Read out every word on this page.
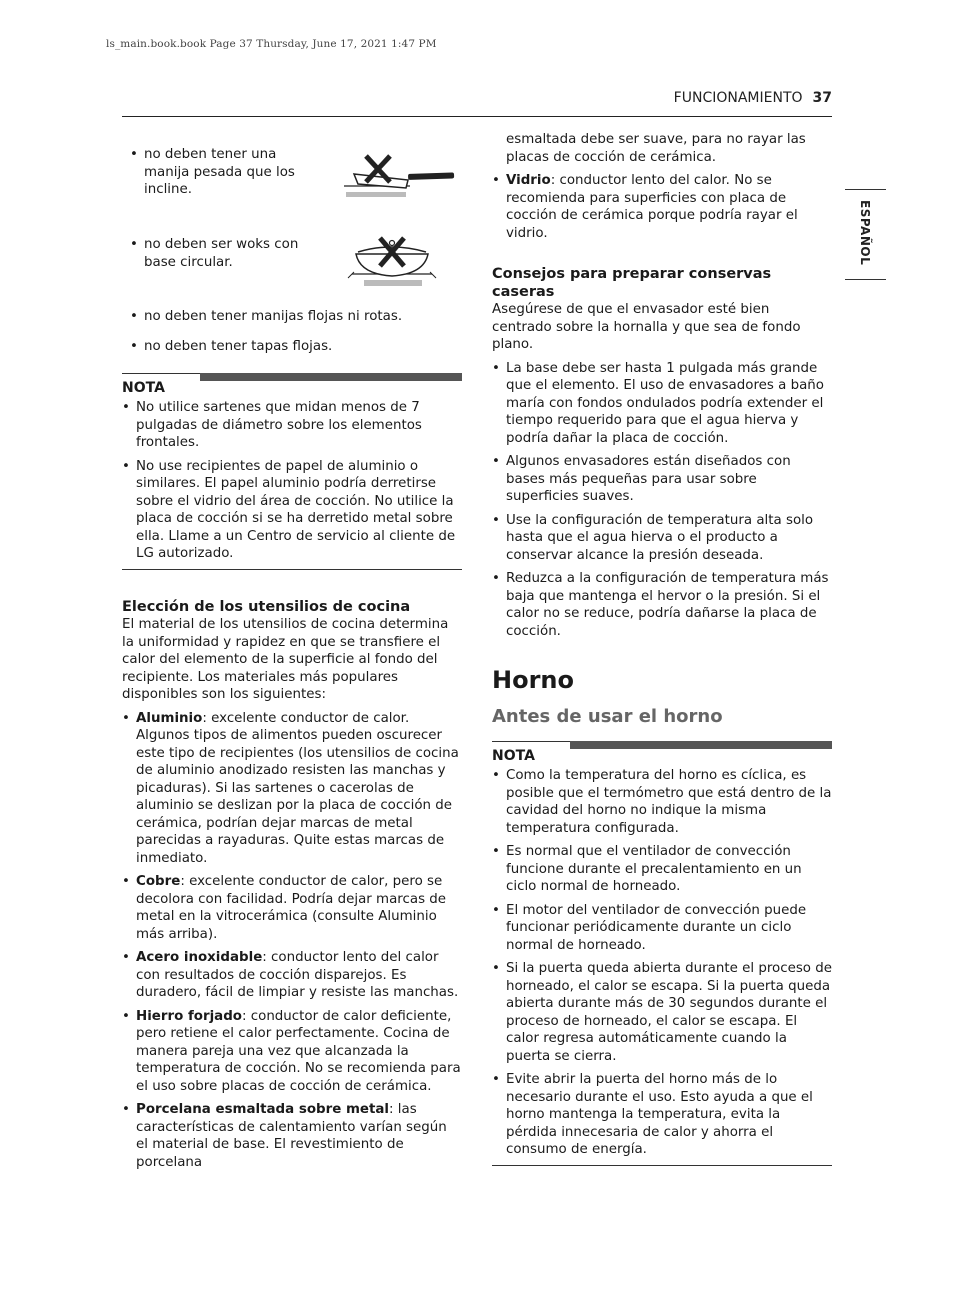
ls_main.book.book Page 37 Thursday, June 17, 2021 1:47 PM
FUNCIONAMIENTO 37
ESPAÑOL
• no deben tener una manija pesada que los incline.
• no deben ser woks con base circular.
• no deben tener manijas flojas ni rotas.
• no deben tener tapas flojas.
NOTA
• No utilice sartenes que midan menos de 7 pulgadas de diámetro sobre los elementos frontales.
• No use recipientes de papel de aluminio o similares. El papel aluminio podría derretirse sobre el vidrio del área de cocción. No utilice la placa de cocción si se ha derretido metal sobre ella. Llame a un Centro de servicio al cliente de LG autorizado.

Elección de los utensilios de cocina

El material de los utensilios de cocina determina la uniformidad y rapidez en que se transfiere el calor del elemento de la superficie al fondo del recipiente. Los materiales más populares disponibles son los siguientes:

• Aluminio: excelente conductor de calor. Algunos tipos de alimentos pueden oscurecer este tipo de recipientes (los utensilios de cocina de aluminio anodizado resisten las manchas y picaduras). Si las sartenes o cacerolas de aluminio se deslizan por la placa de cocción de cerámica, podrían dejar marcas de metal parecidas a rayaduras. Quite estas marcas de inmediato.
• Cobre: excelente conductor de calor, pero se decolora con facilidad. Podría dejar marcas de metal en la vitrocerámica (consulte Aluminio más arriba).
• Acero inoxidable: conductor lento del calor con resultados de cocción disparejos. Es duradero, fácil de limpiar y resiste las manchas.
• Hierro forjado: conductor de calor deficiente, pero retiene el calor perfectamente. Cocina de manera pareja una vez que alcanzada la temperatura de cocción. No se recomienda para el uso sobre placas de cocción de cerámica.
• Porcelana esmaltada sobre metal: las características de calentamiento varían según el material de base. El revestimiento de porcelana

esmaltada debe ser suave, para no rayar las placas de cocción de cerámica.

• Vidrio: conductor lento del calor. No se recomienda para superficies con placa de cocción de cerámica porque podría rayar el vidrio.

Consejos para preparar conservas caseras

Asegúrese de que el envasador esté bien centrado sobre la hornalla y que sea de fondo plano.

• La base debe ser hasta 1 pulgada más grande que el elemento. El uso de envasadores a baño maría con fondos ondulados podría extender el tiempo requerido para que el agua hierva y podría dañar la placa de cocción.
• Algunos envasadores están diseñados con bases más pequeñas para usar sobre superficies suaves.
• Use la configuración de temperatura alta solo hasta que el agua hierva o el producto a conservar alcance la presión deseada.
• Reduzca a la configuración de temperatura más baja que mantenga el hervor o la presión. Si el calor no se reduce, podría dañarse la placa de cocción.
Horno
Antes de usar el horno
NOTA
• Como la temperatura del horno es cíclica, es posible que el termómetro que está dentro de la cavidad del horno no indique la misma temperatura configurada.
• Es normal que el ventilador de convección funcione durante el precalentamiento en un ciclo normal de horneado.
• El motor del ventilador de convección puede funcionar periódicamente durante un ciclo normal de horneado.
• Si la puerta queda abierta durante el proceso de horneado, el calor se escapa. Si la puerta queda abierta durante más de 30 segundos durante el proceso de horneado, el calor se escapa. El calor regresa automáticamente cuando la puerta se cierra.
• Evite abrir la puerta del horno más de lo necesario durante el uso. Esto ayuda a que el horno mantenga la temperatura, evita la pérdida innecesaria de calor y ahorra el consumo de energía.
